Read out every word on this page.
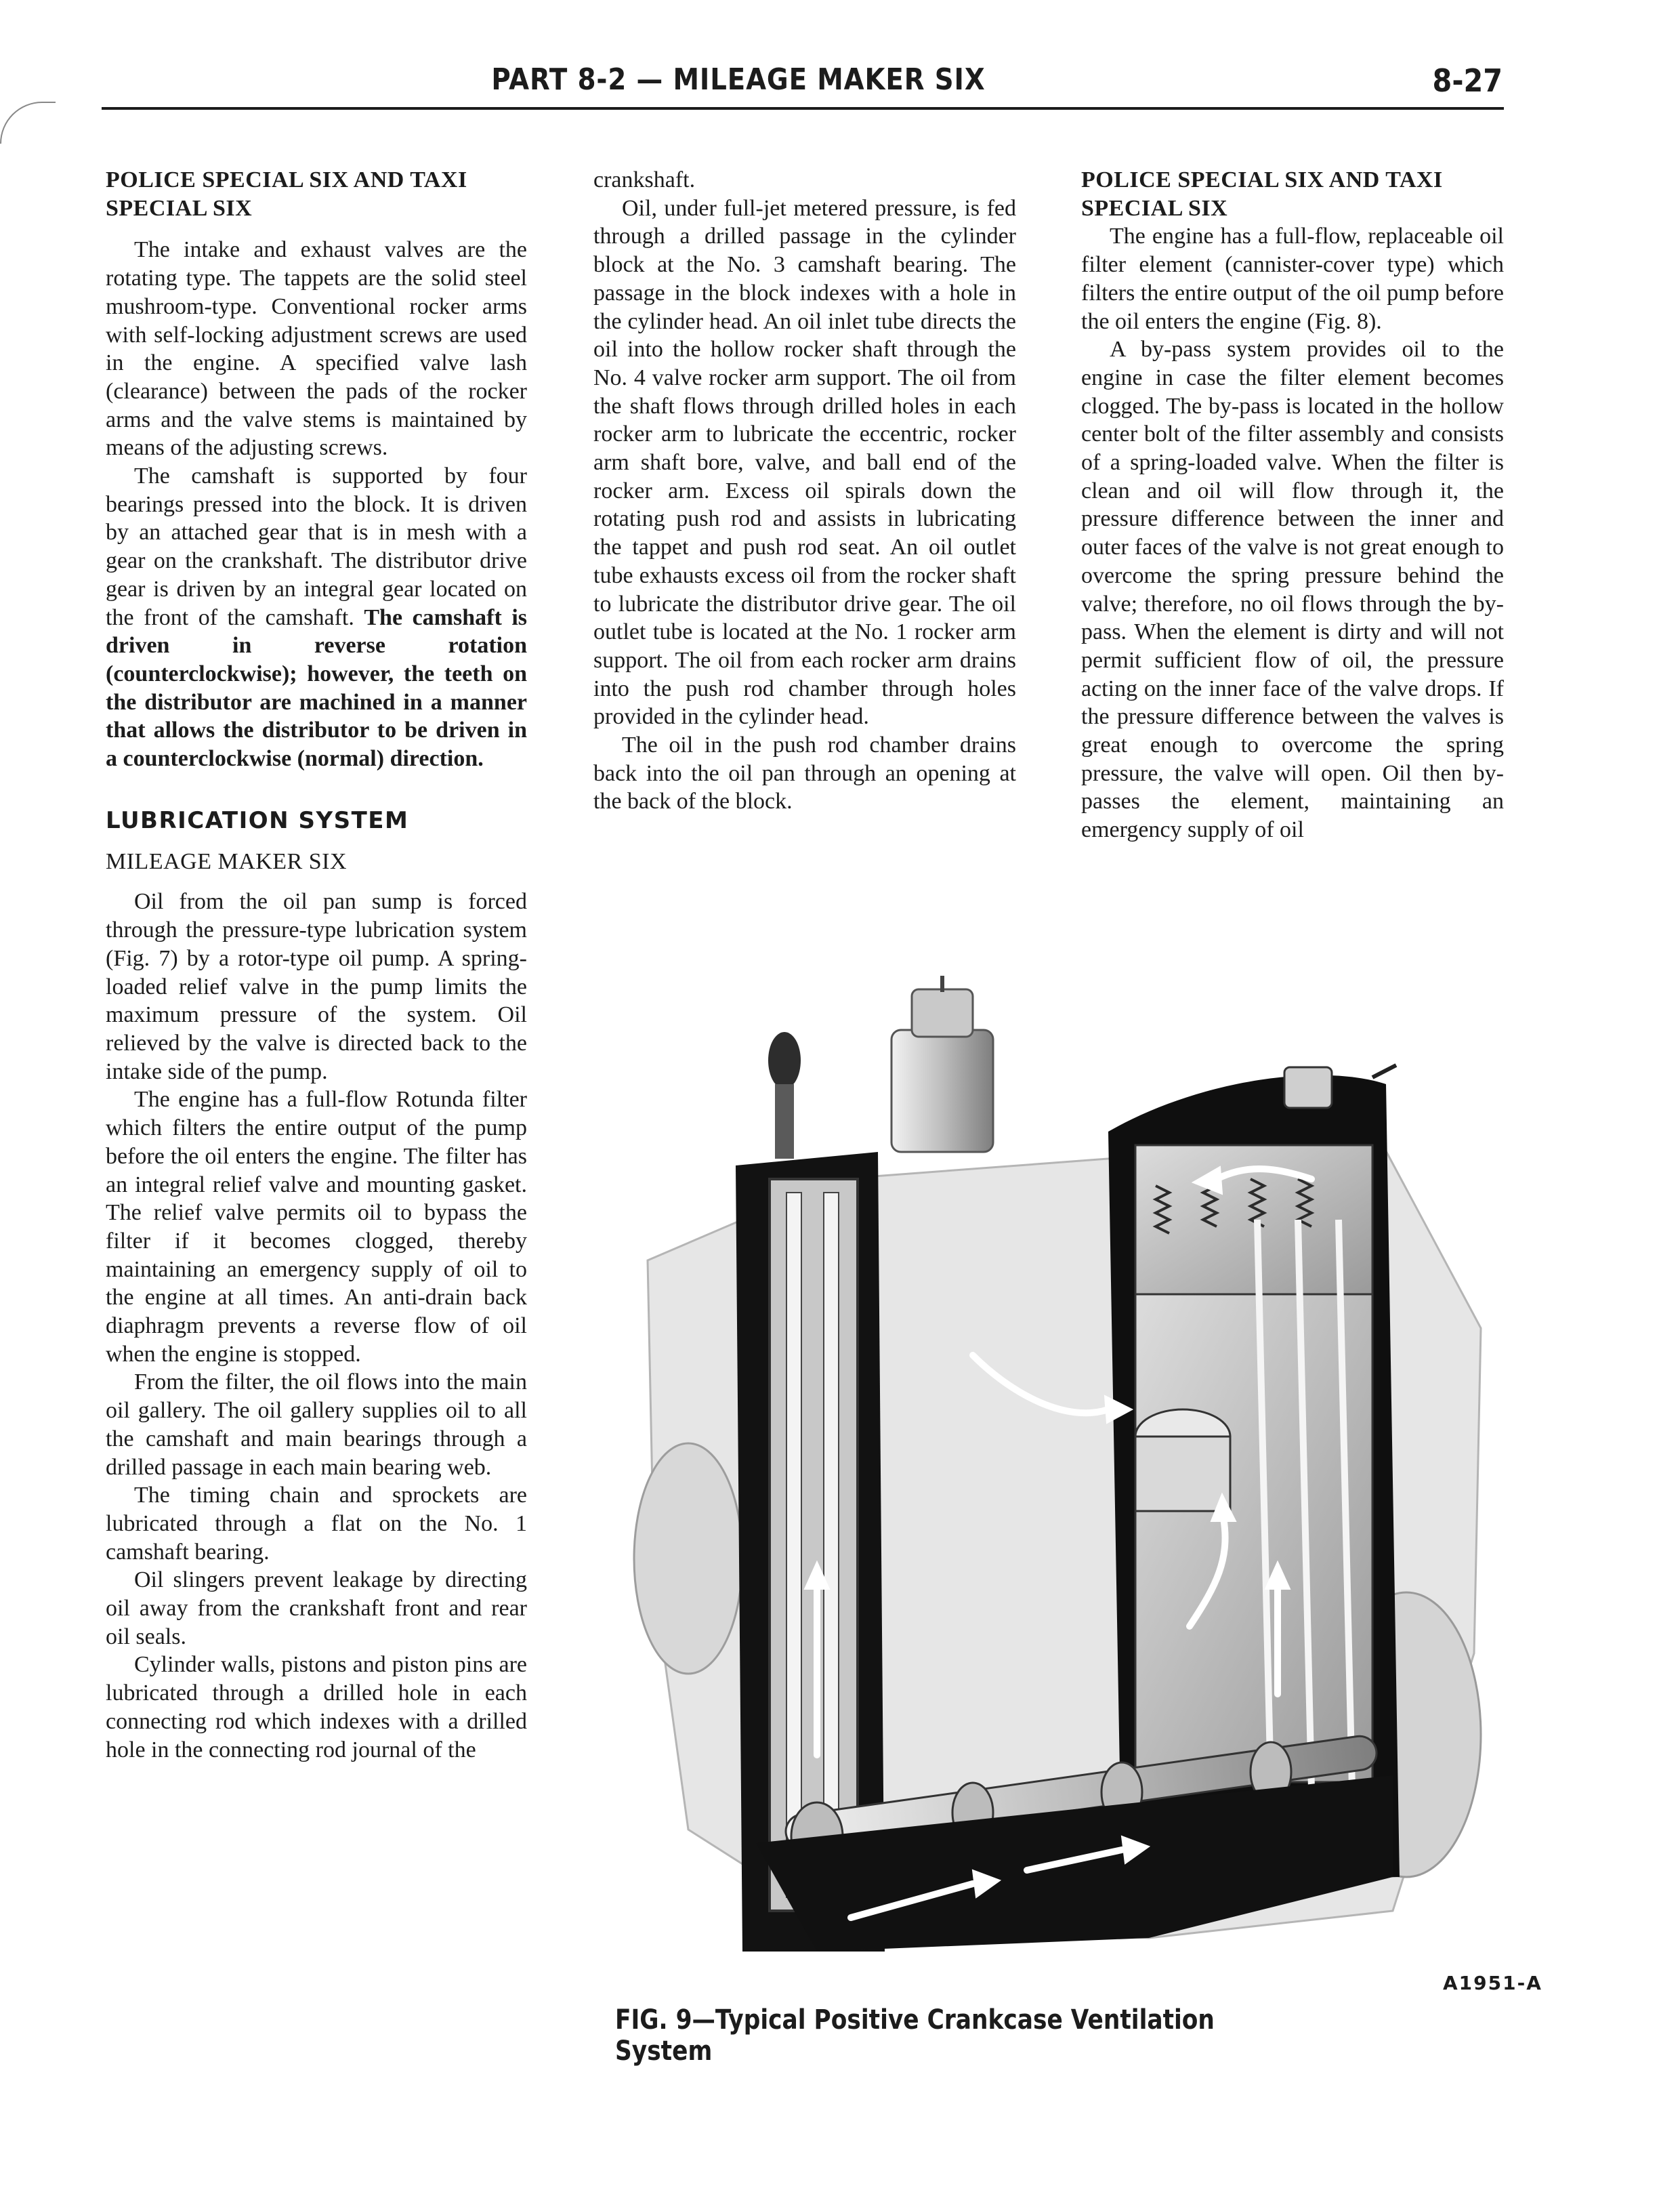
PART 8-2 — MILEAGE MAKER SIX	8-27
POLICE SPECIAL SIX AND TAXI SPECIAL SIX

The intake and exhaust valves are the rotating type. The tappets are the solid steel mushroom-type. Conventional rocker arms with self-locking adjustment screws are used in the engine. A specified valve lash (clearance) between the pads of the rocker arms and the valve stems is maintained by means of the adjusting screws.

The camshaft is supported by four bearings pressed into the block. It is driven by an attached gear that is in mesh with a gear on the crankshaft. The distributor drive gear is driven by an integral gear located on the front of the camshaft. The camshaft is driven in reverse rotation (counterclockwise); however, the teeth on the distributor are machined in a manner that allows the distributor to be driven in a counterclockwise (normal) direction.

LUBRICATION SYSTEM
MILEAGE MAKER SIX

Oil from the oil pan sump is forced through the pressure-type lubrication system (Fig. 7) by a rotor-type oil pump. A spring-loaded relief valve in the pump limits the maximum pressure of the system. Oil relieved by the valve is directed back to the intake side of the pump.

The engine has a full-flow Rotunda filter which filters the entire output of the pump before the oil enters the engine. The filter has an integral relief valve and mounting gasket. The relief valve permits oil to bypass the filter if it becomes clogged, thereby maintaining an emergency supply of oil to the engine at all times. An anti-drain back diaphragm prevents a reverse flow of oil when the engine is stopped.

From the filter, the oil flows into the main oil gallery. The oil gallery supplies oil to all the camshaft and main bearings through a drilled passage in each main bearing web.

The timing chain and sprockets are lubricated through a flat on the No. 1 camshaft bearing.

Oil slingers prevent leakage by directing oil away from the crankshaft front and rear oil seals.

Cylinder walls, pistons and piston pins are lubricated through a drilled hole in each connecting rod which indexes with a drilled hole in the connecting rod journal of the

crankshaft.

Oil, under full-jet metered pressure, is fed through a drilled passage in the cylinder block at the No. 3 camshaft bearing. The passage in the block indexes with a hole in the cylinder head. An oil inlet tube directs the oil into the hollow rocker shaft through the No. 4 valve rocker arm support. The oil from the shaft flows through drilled holes in each rocker arm to lubricate the eccentric, rocker arm shaft bore, valve, and ball end of the rocker arm. Excess oil spirals down the rotating push rod and assists in lubricating the tappet and push rod seat. An oil outlet tube exhausts excess oil from the rocker shaft to lubricate the distributor drive gear. The oil outlet tube is located at the No. 1 rocker arm support. The oil from each rocker arm drains into the push rod chamber through holes provided in the cylinder head.

The oil in the push rod chamber drains back into the oil pan through an opening at the back of the block.

POLICE SPECIAL SIX AND TAXI SPECIAL SIX

The engine has a full-flow, replaceable oil filter element (cannister-cover type) which filters the entire output of the oil pump before the oil enters the engine (Fig. 8).

A by-pass system provides oil to the engine in case the filter element becomes clogged. The by-pass is located in the hollow center bolt of the filter assembly and consists of a spring-loaded valve. When the filter is clean and oil will flow through it, the pressure difference between the inner and outer faces of the valve is not great enough to overcome the spring pressure behind the valve; therefore, no oil flows through the by-pass. When the element is dirty and will not permit sufficient flow of oil, the pressure acting on the inner face of the valve drops. If the pressure difference between the valves is great enough to overcome the spring pressure, the valve will open. Oil then by-passes the element, maintaining an emergency supply of oil

A1951-A
FIG. 9—Typical Positive Crankcase Ventilation System
